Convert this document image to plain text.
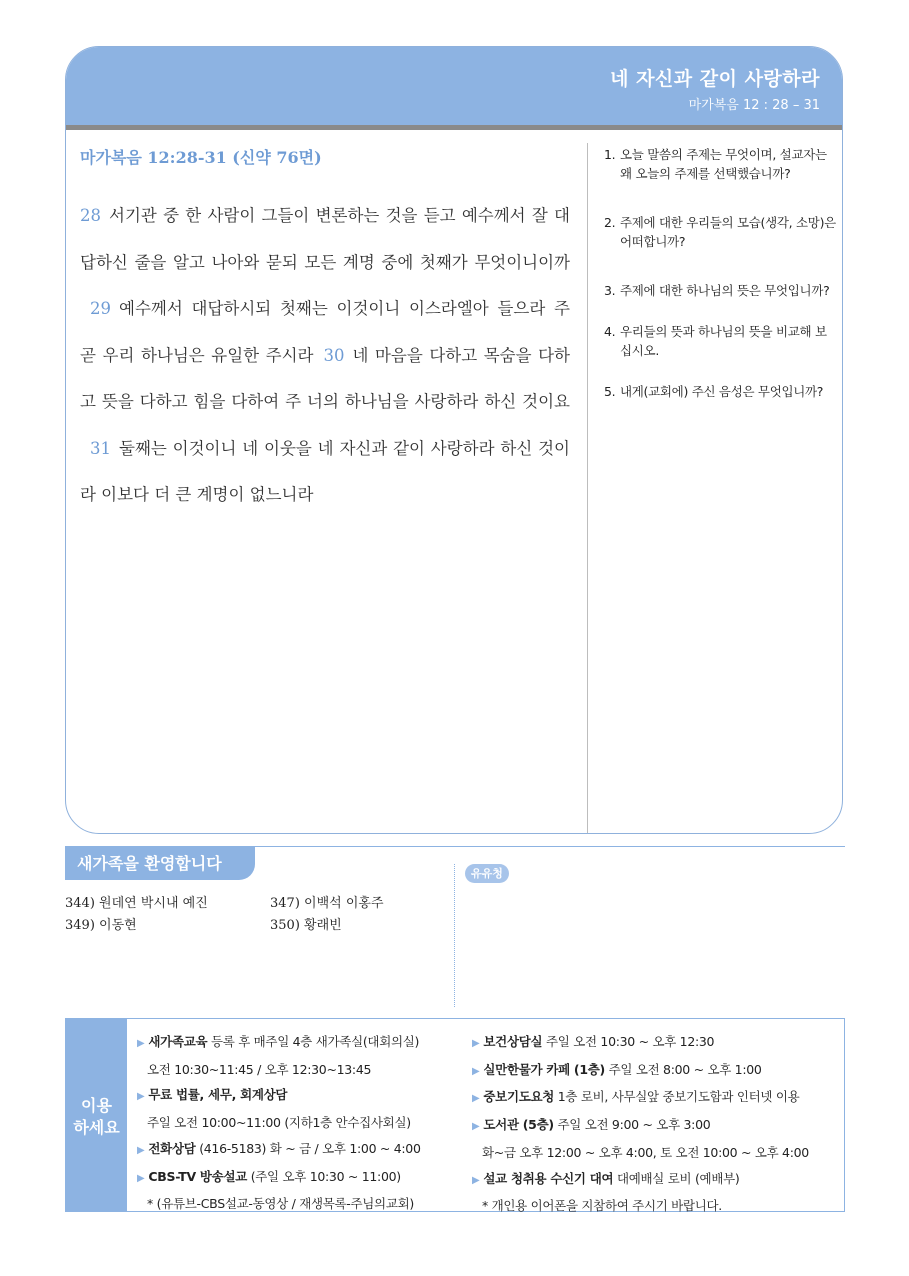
네 자신과 같이 사랑하라
마가복음 12 : 28 – 31
마가복음 12:28-31 (신약 76면)
28 서기관 중 한 사람이 그들이 변론하는 것을 듣고 예수께서 잘 대답하신 줄을 알고 나아와 묻되 모든 계명 중에 첫째가 무엇이니이까29 예수께서 대답하시되 첫째는 이것이니 이스라엘아 들으라 주 곧 우리 하나님은 유일한 주시라 30 네 마음을 다하고 목숨을 다하고 뜻을 다하고 힘을 다하여 주 너의 하나님을 사랑하라 하신 것이요31 둘째는 이것이니 네 이웃을 네 자신과 같이 사랑하라 하신 것이라 이보다 더 큰 계명이 없느니라
1. 오늘 말씀의 주제는 무엇이며, 설교자는 왜 오늘의 주제를 선택했습니까?
2. 주제에 대한 우리들의 모습(생각, 소망)은 어떠합니까?
3. 주제에 대한 하나님의 뜻은 무엇입니까?
4. 우리들의 뜻과 하나님의 뜻을 비교해 보십시오.
5. 내게(교회에) 주신 음성은 무엇입니까?
새가족을 환영합니다
344) 원데연 박시내 예진	347) 이백석 이홍주
349) 이동현	350) 황래빈
유유청
이용
하세요
▶ 새가족교육 등록 후 매주일 4층 새가족실(대회의실)
오전 10:30~11:45 / 오후 12:30~13:45
▶ 무료 법률, 세무, 회계상담
주일 오전 10:00~11:00 (지하1층 안수집사회실)
▶ 전화상담 (416-5183) 화 ~ 금 / 오후 1:00 ~ 4:00
▶ CBS-TV 방송설교 (주일 오후 10:30 ~ 11:00)
* (유튜브-CBS설교-동영상 / 재생목록-주님의교회)
▶ 보건상담실 주일 오전 10:30 ~ 오후 12:30
▶ 실만한물가 카페 (1층) 주일 오전 8:00 ~ 오후 1:00
▶ 중보기도요청 1층 로비, 사무실앞 중보기도함과 인터넷 이용
▶ 도서관 (5층) 주일 오전 9:00 ~ 오후 3:00
화~금 오후 12:00 ~ 오후 4:00, 토 오전 10:00 ~ 오후 4:00
▶ 설교 청취용 수신기 대여 대예배실 로비 (예배부)
* 개인용 이어폰을 지참하여 주시기 바랍니다.
